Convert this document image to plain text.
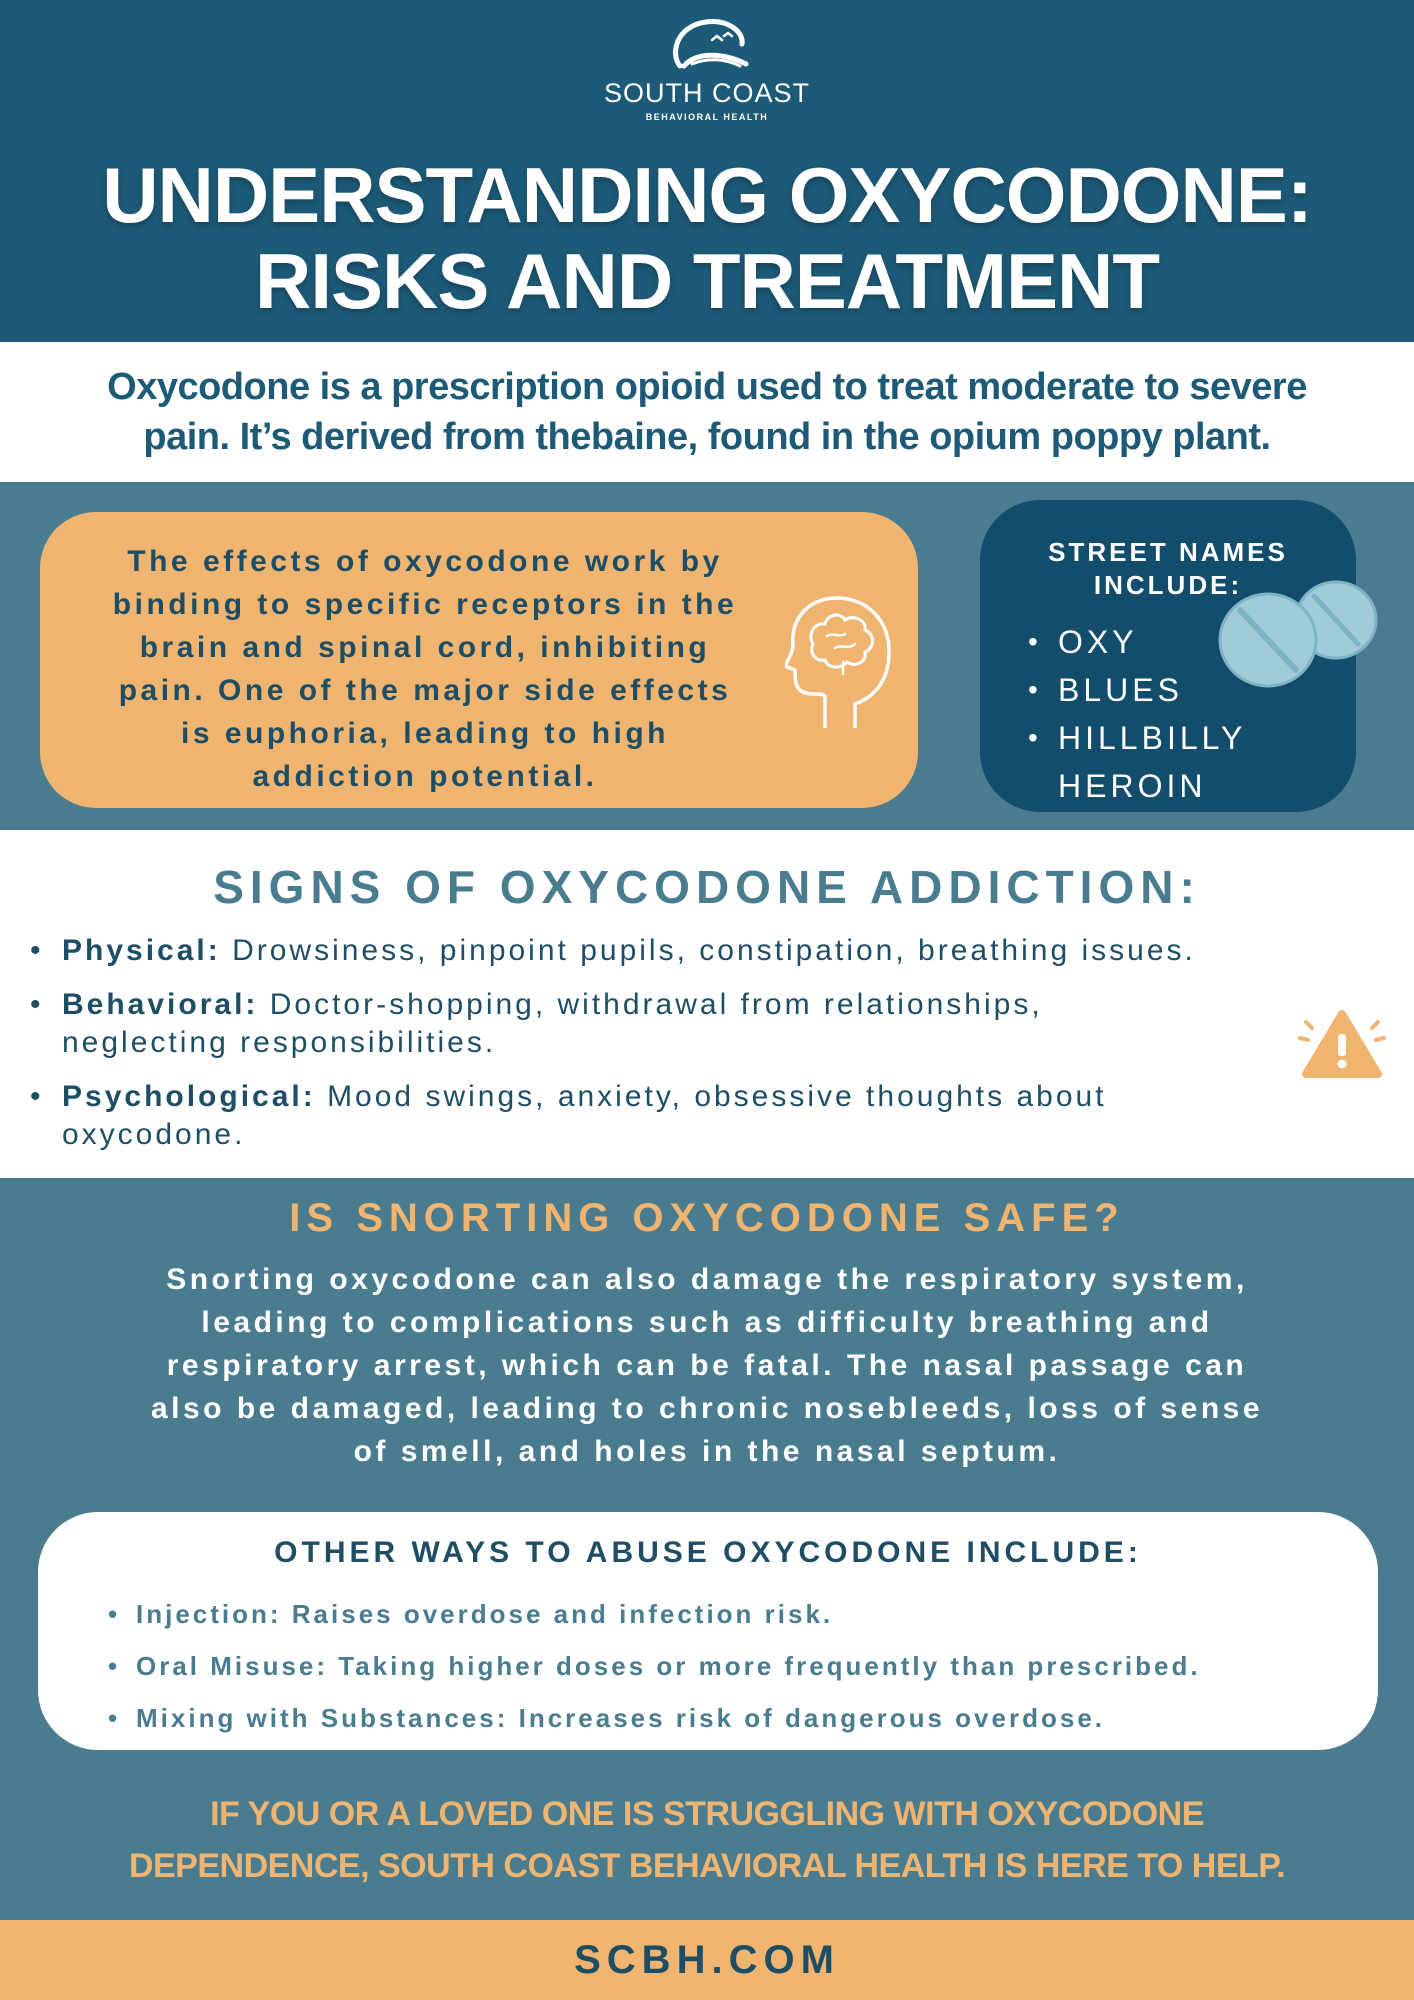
SOUTH COAST
BEHAVIORAL HEALTH
UNDERSTANDING OXYCODONE:
RISKS AND TREATMENT

Oxycodone is a prescription opioid used to treat moderate to severe

pain. It’s derived from thebaine, found in the opium poppy plant.

The effects of oxycodone work by
binding to specific receptors in the
brain and spinal cord, inhibiting
pain. One of the major side effects
is euphoria, leading to high
addiction potential.
STREET NAMES
INCLUDE:
• OXY
• BLUES
• HILLBILLY
HEROIN
SIGNS OF OXYCODONE ADDICTION:
• Physical: Drowsiness, pinpoint pupils, constipation, breathing issues.
• Behavioral: Doctor-shopping, withdrawal from relationships,
neglecting responsibilities.
• Psychological: Mood swings, anxiety, obsessive thoughts about
oxycodone.
IS SNORTING OXYCODONE SAFE?
Snorting oxycodone can also damage the respiratory system,
leading to complications such as difficulty breathing and
respiratory arrest, which can be fatal. The nasal passage can
also be damaged, leading to chronic nosebleeds, loss of sense
of smell, and holes in the nasal septum.
OTHER WAYS TO ABUSE OXYCODONE INCLUDE:
• Injection: Raises overdose and infection risk.
• Oral Misuse: Taking higher doses or more frequently than prescribed.
• Mixing with Substances: Increases risk of dangerous overdose.
IF YOU OR A LOVED ONE IS STRUGGLING WITH OXYCODONE
DEPENDENCE, SOUTH COAST BEHAVIORAL HEALTH IS HERE TO HELP.
SCBH.COM
